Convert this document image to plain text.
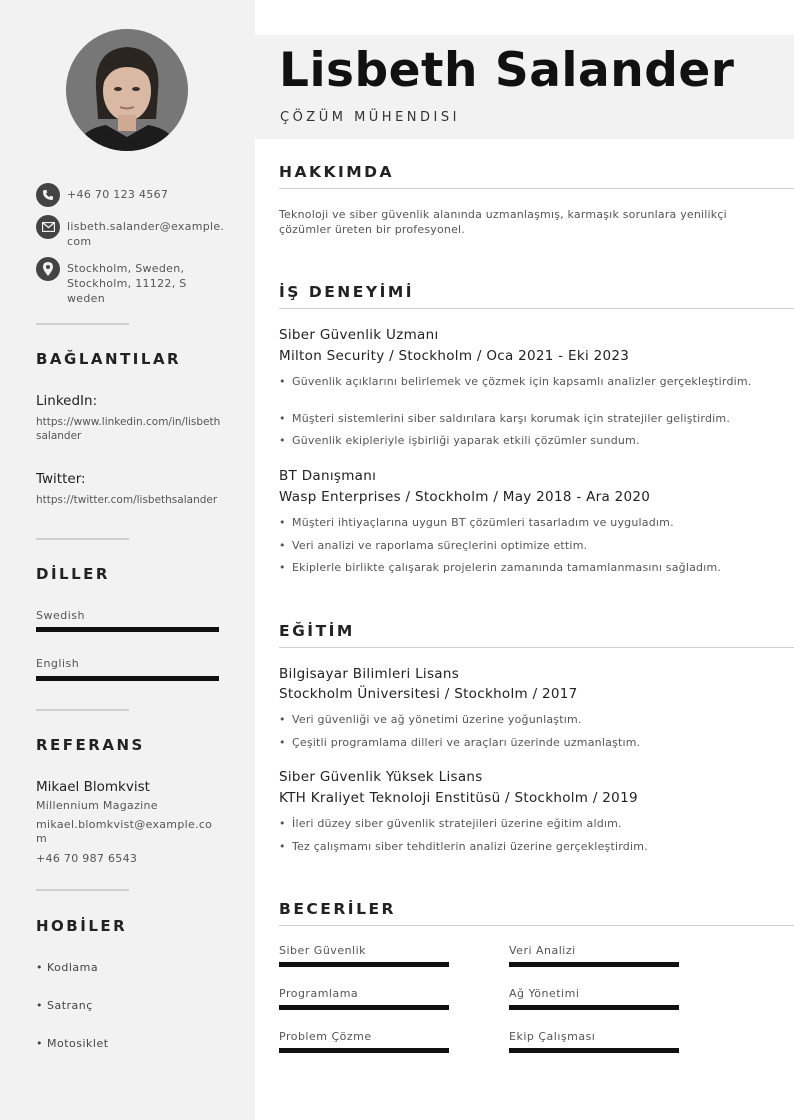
+46 70 123 4567
lisbeth.salander@example.com
Stockholm, Sweden, Stockholm, 11122, Sweden
BAĞLANTILAR
LinkedIn:
https://www.linkedin.com/in/lisbethsalander
Twitter:
https://twitter.com/lisbethsalander
DİLLER
Swedish
English
REFERANS
Mikael Blomkvist
Millennium Magazine
mikael.blomkvist@example.com
+46 70 987 6543
HOBİLER
• Kodlama
• Satranç
• Motosiklet
Lisbeth Salander
ÇÖZÜM MÜHENDISI
HAKKIMDA
Teknoloji ve siber güvenlik alanında uzmanlaşmış, karmaşık sorunlara yenilikçi çözümler üreten bir profesyonel.
İŞ DENEYİMİ
Siber Güvenlik Uzmanı
Milton Security / Stockholm / Oca 2021 - Eki 2023
• Güvenlik açıklarını belirlemek ve çözmek için kapsamlı analizler gerçekleştirdim.
• Müşteri sistemlerini siber saldırılara karşı korumak için stratejiler geliştirdim.
• Güvenlik ekipleriyle işbirliği yaparak etkili çözümler sundum.
BT Danışmanı
Wasp Enterprises / Stockholm / May 2018 - Ara 2020
• Müşteri ihtiyaçlarına uygun BT çözümleri tasarladım ve uyguladım.
• Veri analizi ve raporlama süreçlerini optimize ettim.
• Ekiplerle birlikte çalışarak projelerin zamanında tamamlanmasını sağladım.
EĞİTİM
Bilgisayar Bilimleri Lisans
Stockholm Üniversitesi / Stockholm / 2017
• Veri güvenliği ve ağ yönetimi üzerine yoğunlaştım.
• Çeşitli programlama dilleri ve araçları üzerinde uzmanlaştım.
Siber Güvenlik Yüksek Lisans
KTH Kraliyet Teknoloji Enstitüsü / Stockholm / 2019
• İleri düzey siber güvenlik stratejileri üzerine eğitim aldım.
• Tez çalışmamı siber tehditlerin analizi üzerine gerçekleştirdim.
BECERİLER
Siber Güvenlik	Veri Analizi
Programlama	Ağ Yönetimi
Problem Çözme	Ekip Çalışması
